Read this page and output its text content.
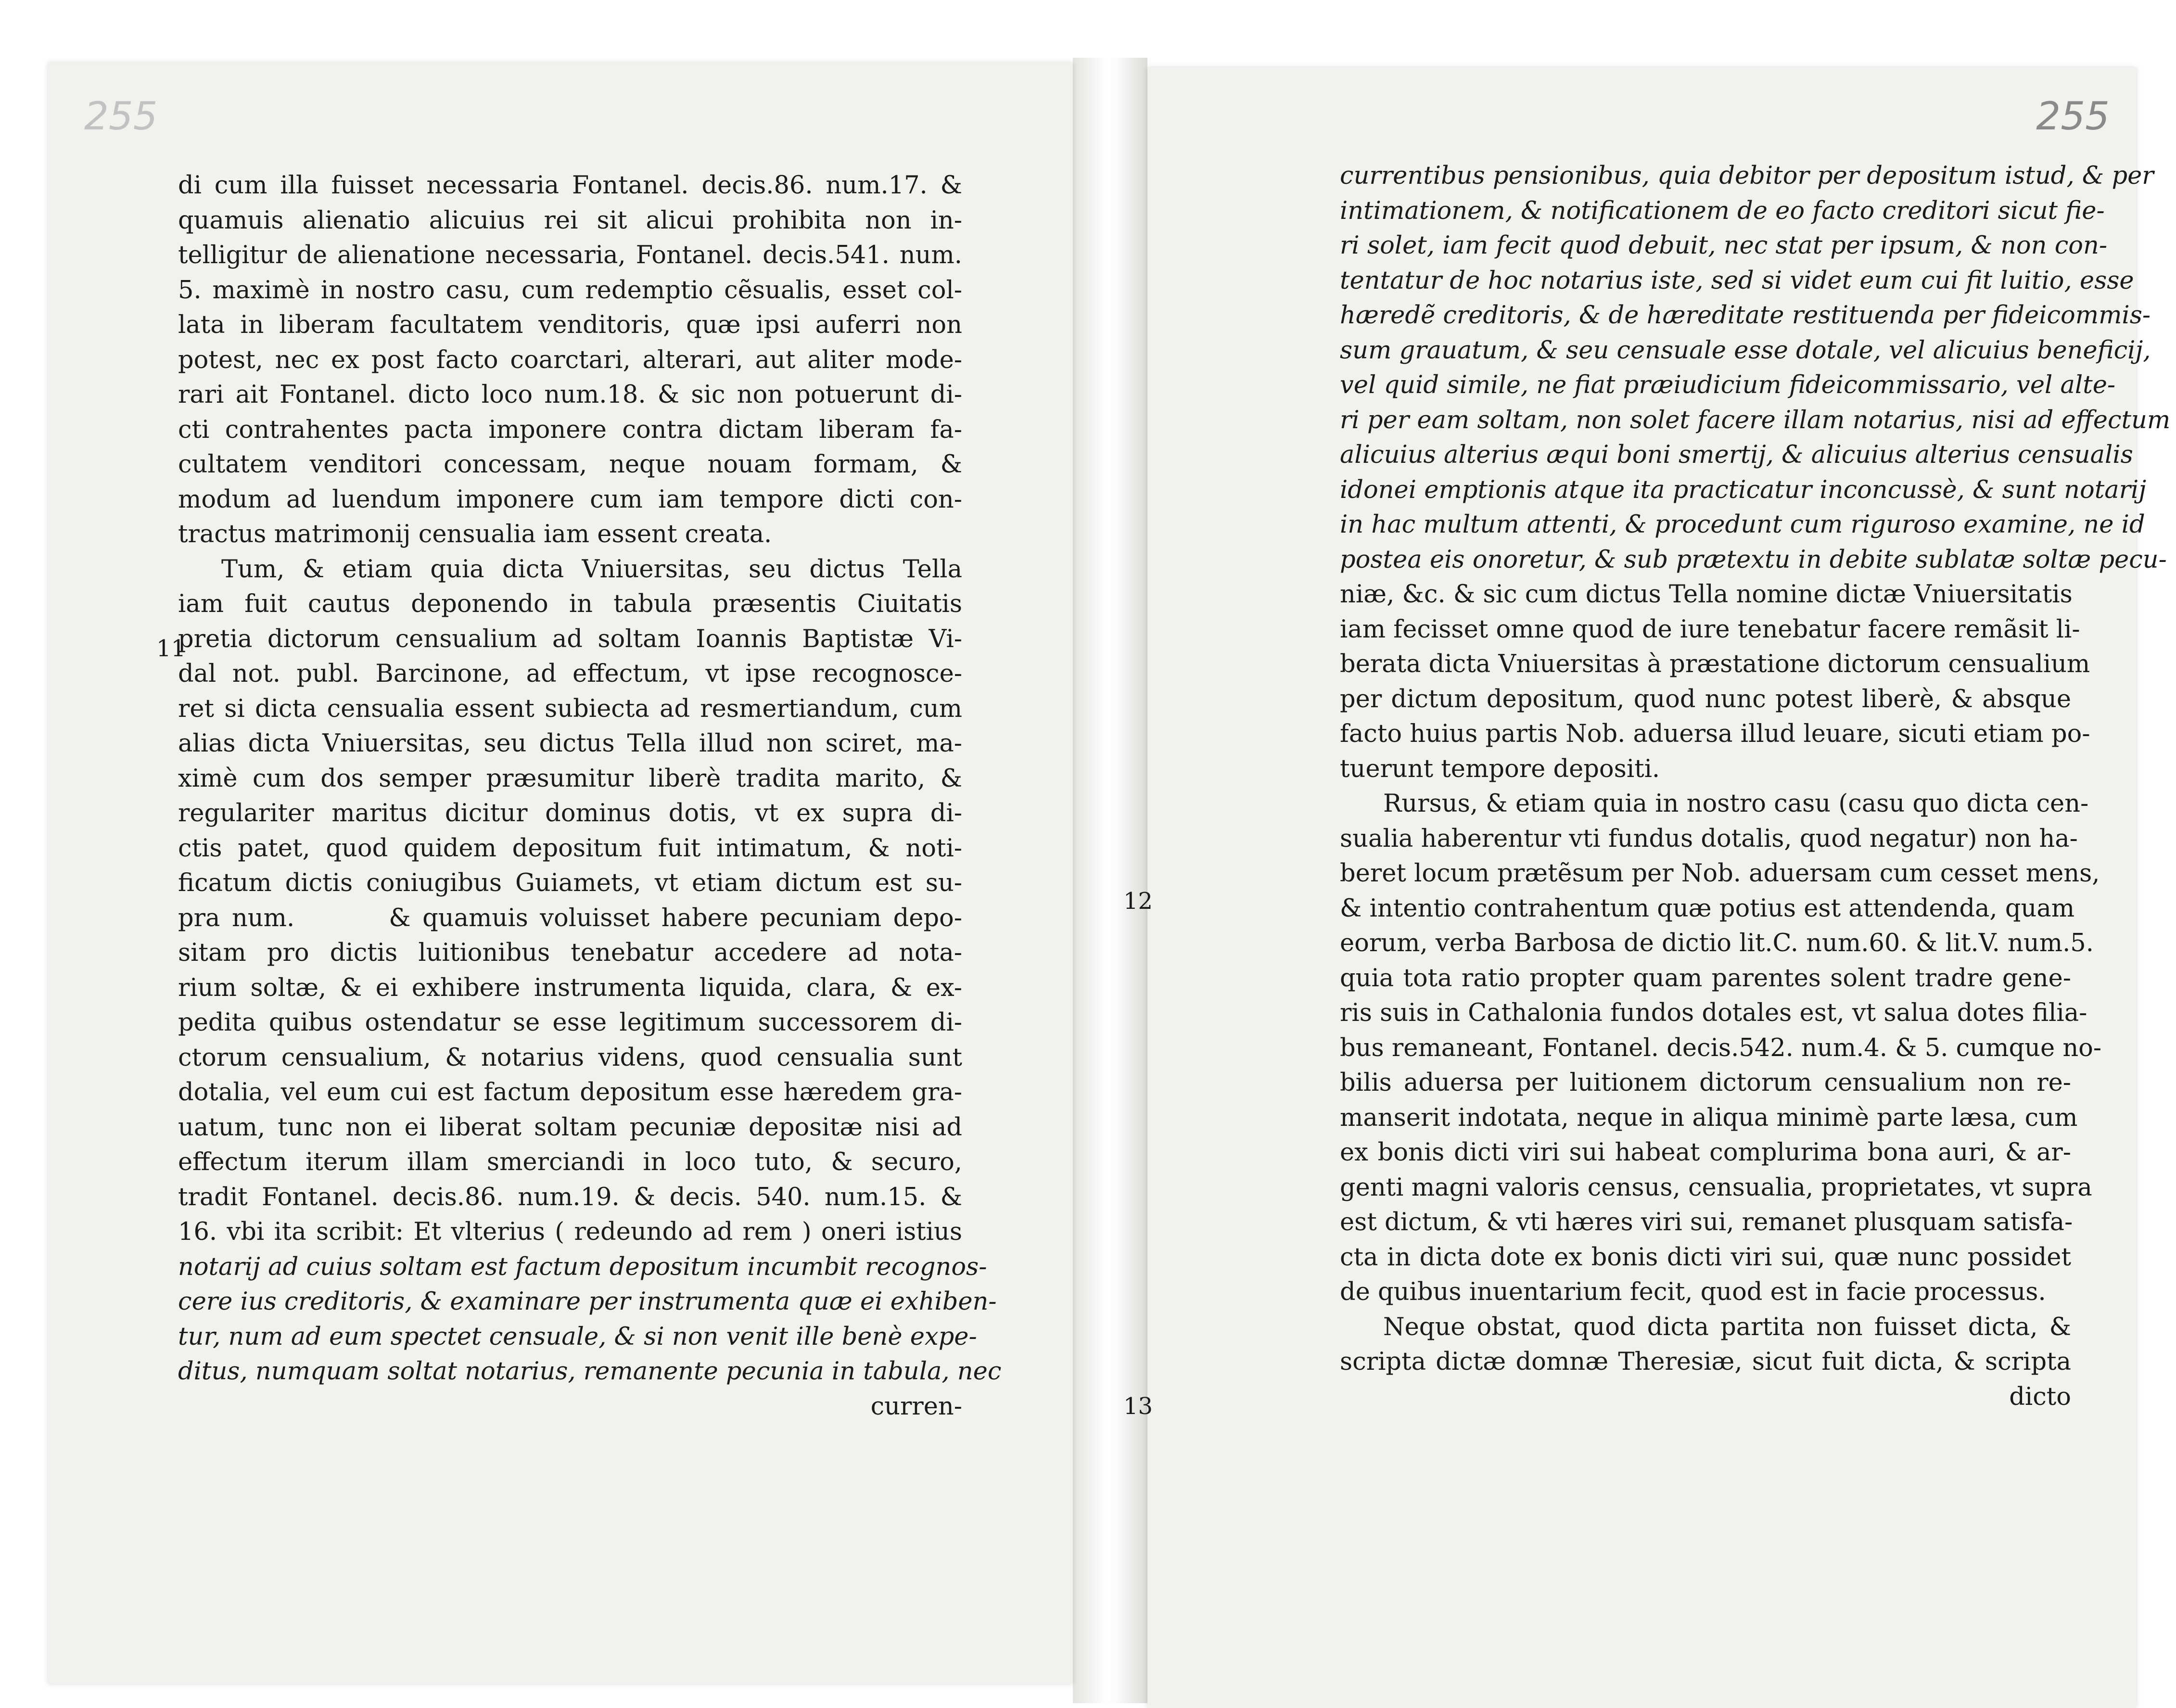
255
11
di cum illa fuisset necessaria Fontanel. decis.86. num.17. &
quamuis alienatio alicuius rei sit alicui prohibita non in-
telligitur de alienatione necessaria, Fontanel. decis.541. num.
5. maximè in nostro casu, cum redemptio cẽsualis, esset col-
lata in liberam facultatem venditoris, quæ ipsi auferri non
potest, nec ex post facto coarctari, alterari, aut aliter mode-
rari ait Fontanel. dicto loco num.18. & sic non potuerunt di-
cti contrahentes pacta imponere contra dictam liberam fa-
cultatem venditori concessam, neque nouam formam, &
modum ad luendum imponere cum iam tempore dicti con-
tractus matrimonij censualia iam essent creata.
Tum, & etiam quia dicta Vniuersitas, seu dictus Tella
iam fuit cautus deponendo in tabula præsentis Ciuitatis
pretia dictorum censualium ad soltam Ioannis Baptistæ Vi-
dal not. publ. Barcinone, ad effectum, vt ipse recognosce-
ret si dicta censualia essent subiecta ad resmertiandum, cum
alias dicta Vniuersitas, seu dictus Tella illud non sciret, ma-
ximè cum dos semper præsumitur liberè tradita marito, &
regulariter maritus dicitur dominus dotis, vt ex supra di-
ctis patet, quod quidem depositum fuit intimatum, & noti-
ficatum dictis coniugibus Guiamets, vt etiam dictum est su-
pra num.        & quamuis voluisset habere pecuniam depo-
sitam pro dictis luitionibus tenebatur accedere ad nota-
rium soltæ, & ei exhibere instrumenta liquida, clara, & ex-
pedita quibus ostendatur se esse legitimum successorem di-
ctorum censualium, & notarius videns, quod censualia sunt
dotalia, vel eum cui est factum depositum esse hæredem gra-
uatum, tunc non ei liberat soltam pecuniæ depositæ nisi ad
effectum iterum illam smerciandi in loco tuto, & securo,
tradit Fontanel. decis.86. num.19. & decis. 540. num.15. &
16. vbi ita scribit: Et vlterius ( redeundo ad rem ) oneri istius
notarij ad cuius soltam est factum depositum incumbit recognos-
cere ius creditoris, & examinare per instrumenta quæ ei exhiben-
tur, num ad eum spectet censuale, & si non venit ille benè expe-
ditus, numquam soltat notarius, remanente pecunia in tabula, nec
curren-
255
12
13
currentibus pensionibus, quia debitor per depositum istud, & per
intimationem, & notificationem de eo facto creditori sicut fie-
ri solet, iam fecit quod debuit, nec stat per ipsum, & non con-
tentatur de hoc notarius iste, sed si videt eum cui fit luitio, esse
hæredẽ creditoris, & de hæreditate restituenda per fideicommis-
sum grauatum, & seu censuale esse dotale, vel alicuius beneficij,
vel quid simile, ne fiat præiudicium fideicommissario, vel alte-
ri per eam soltam, non solet facere illam notarius, nisi ad effectum
alicuius alterius æqui boni smertij, & alicuius alterius censualis
idonei emptionis atque ita practicatur inconcussè, & sunt notarij
in hac multum attenti, & procedunt cum riguroso examine, ne id
postea eis onoretur, & sub prætextu in debite sublatæ soltæ pecu-
niæ, &c. & sic cum dictus Tella nomine dictæ Vniuersitatis
iam fecisset omne quod de iure tenebatur facere remãsit li-
berata dicta Vniuersitas à præstatione dictorum censualium
per dictum depositum, quod nunc potest liberè, & absque
facto huius partis Nob. aduersa illud leuare, sicuti etiam po-
tuerunt tempore depositi.
Rursus, & etiam quia in nostro casu (casu quo dicta cen-
sualia haberentur vti fundus dotalis, quod negatur) non ha-
beret locum prætẽsum per Nob. aduersam cum cesset mens,
& intentio contrahentum quæ potius est attendenda, quam
eorum, verba Barbosa de dictio lit.C. num.60. & lit.V. num.5.
quia tota ratio propter quam parentes solent tradre gene-
ris suis in Cathalonia fundos dotales est, vt salua dotes filia-
bus remaneant, Fontanel. decis.542. num.4. & 5. cumque no-
bilis aduersa per luitionem dictorum censualium non re-
manserit indotata, neque in aliqua minimè parte læsa, cum
ex bonis dicti viri sui habeat complurima bona auri, & ar-
genti magni valoris census, censualia, proprietates, vt supra
est dictum, & vti hæres viri sui, remanet plusquam satisfa-
cta in dicta dote ex bonis dicti viri sui, quæ nunc possidet
de quibus inuentarium fecit, quod est in facie processus.
Neque obstat, quod dicta partita non fuisset dicta, &
scripta dictæ domnæ Theresiæ, sicut fuit dicta, & scripta
dicto
